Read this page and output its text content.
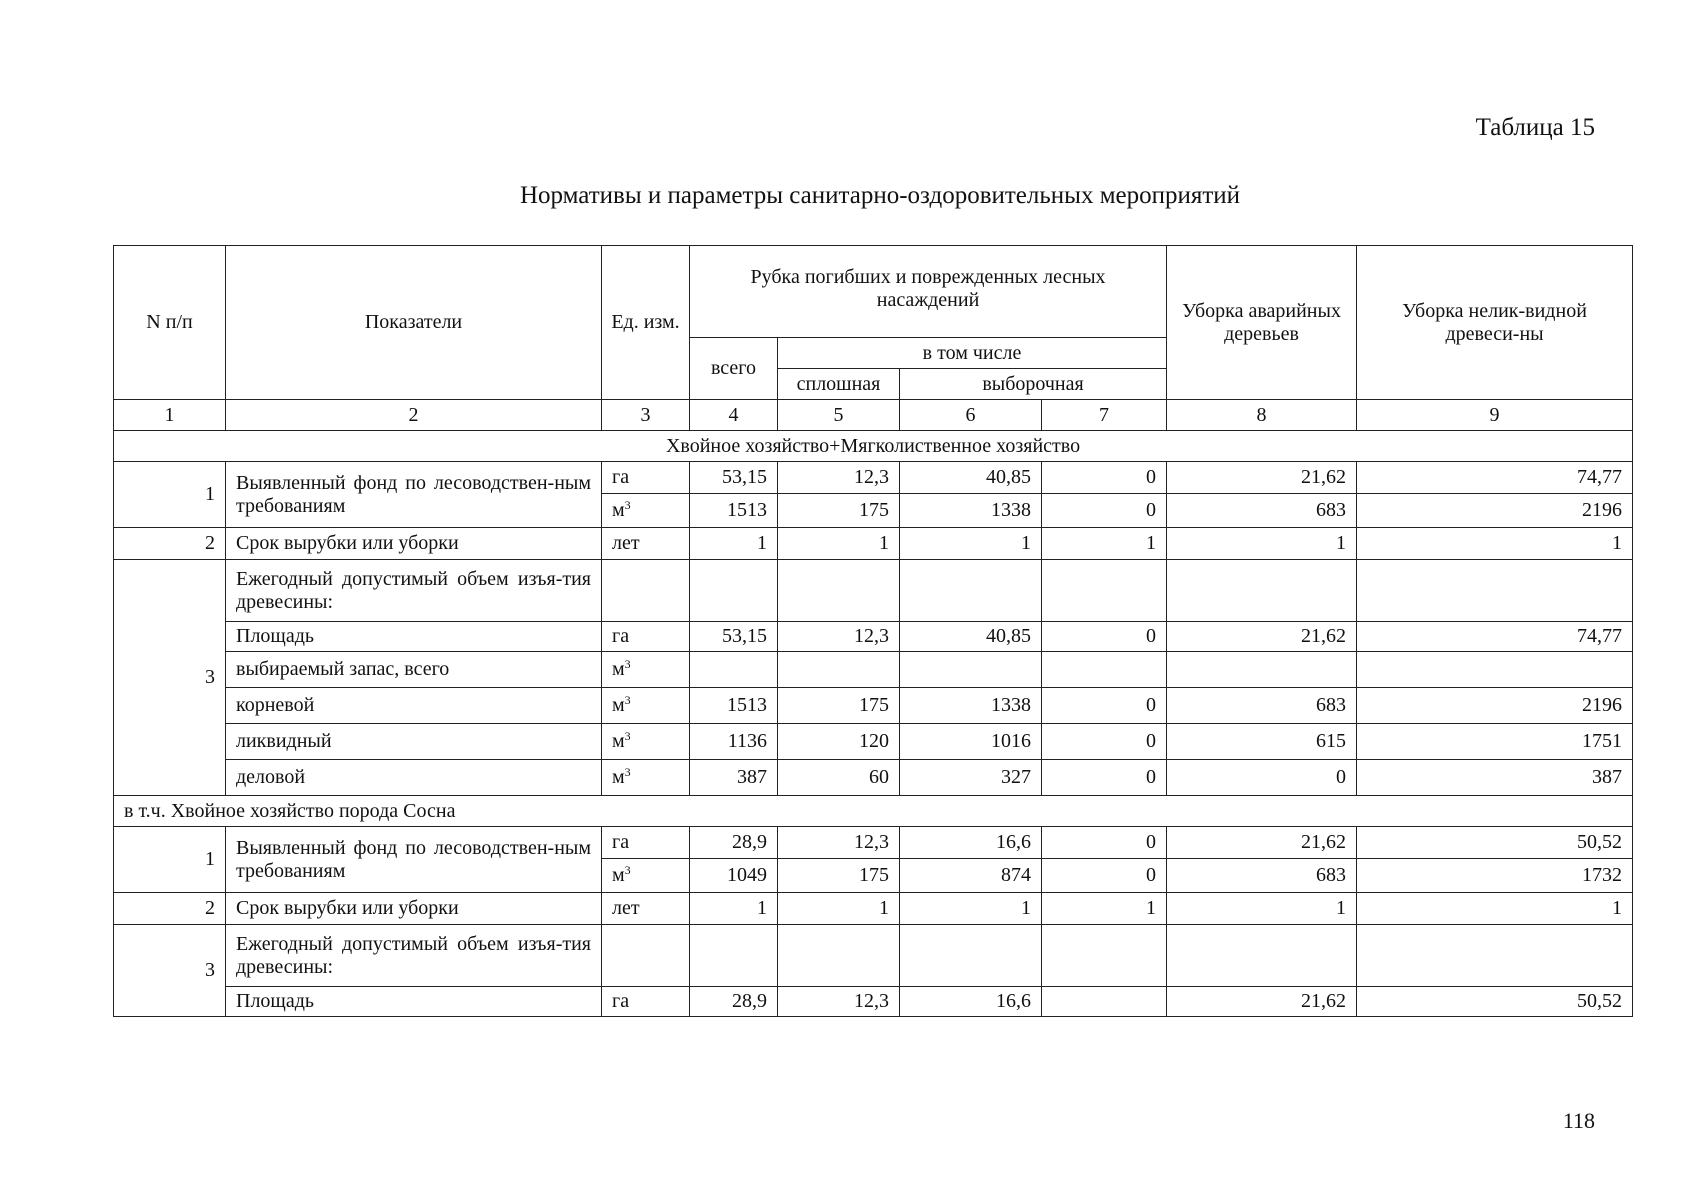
Таблица 15
Нормативы и параметры санитарно-оздоровительных мероприятий
N п/п	Показатели	Ед. изм.	Рубка погибших и поврежденных лесных насаждений				Уборка аварийных деревьев	Уборка нелик-видной древеси-ны	
			всего	в том числе					
				сплошная	выборочная				
1	2	3	4	5	6	7	8	9	
Хвойное хозяйство+Мягколиственное хозяйство									
1	Выявленный фонд по лесоводствен-ным требованиям	га	53,15	12,3	40,85	0	21,62	74,77	
		$м^3$	1513	175	1338	0	683	2196	
2	Срок вырубки или уборки	лет	1	1	1	1	1	1	
3	Ежегодный допустимый объем изъя-тия древесины:								
	Площадь	га	53,15	12,3	40,85	0	21,62	74,77	
	выбираемый запас, всего	$м^3$						
	корневой	$м^3$	1513	175	1338	0	683	2196	
	ликвидный	$м^3$	1136	120	1016	0	615	1751	
	деловой	$м^3$	387	60	327	0	0	387	
в т.ч. Хвойное хозяйство порода Сосна									
1	Выявленный фонд по лесоводствен-ным требованиям	га	28,9	12,3	16,6	0	21,62	50,52	
		$м^3$	1049	175	874	0	683	1732	
2	Срок вырубки или уборки	лет	1	1	1	1	1	1	
3	Ежегодный допустимый объем изъя-тия древесины:								
	Площадь	га	28,9	12,3	16,6		21,62	50,52	
118
